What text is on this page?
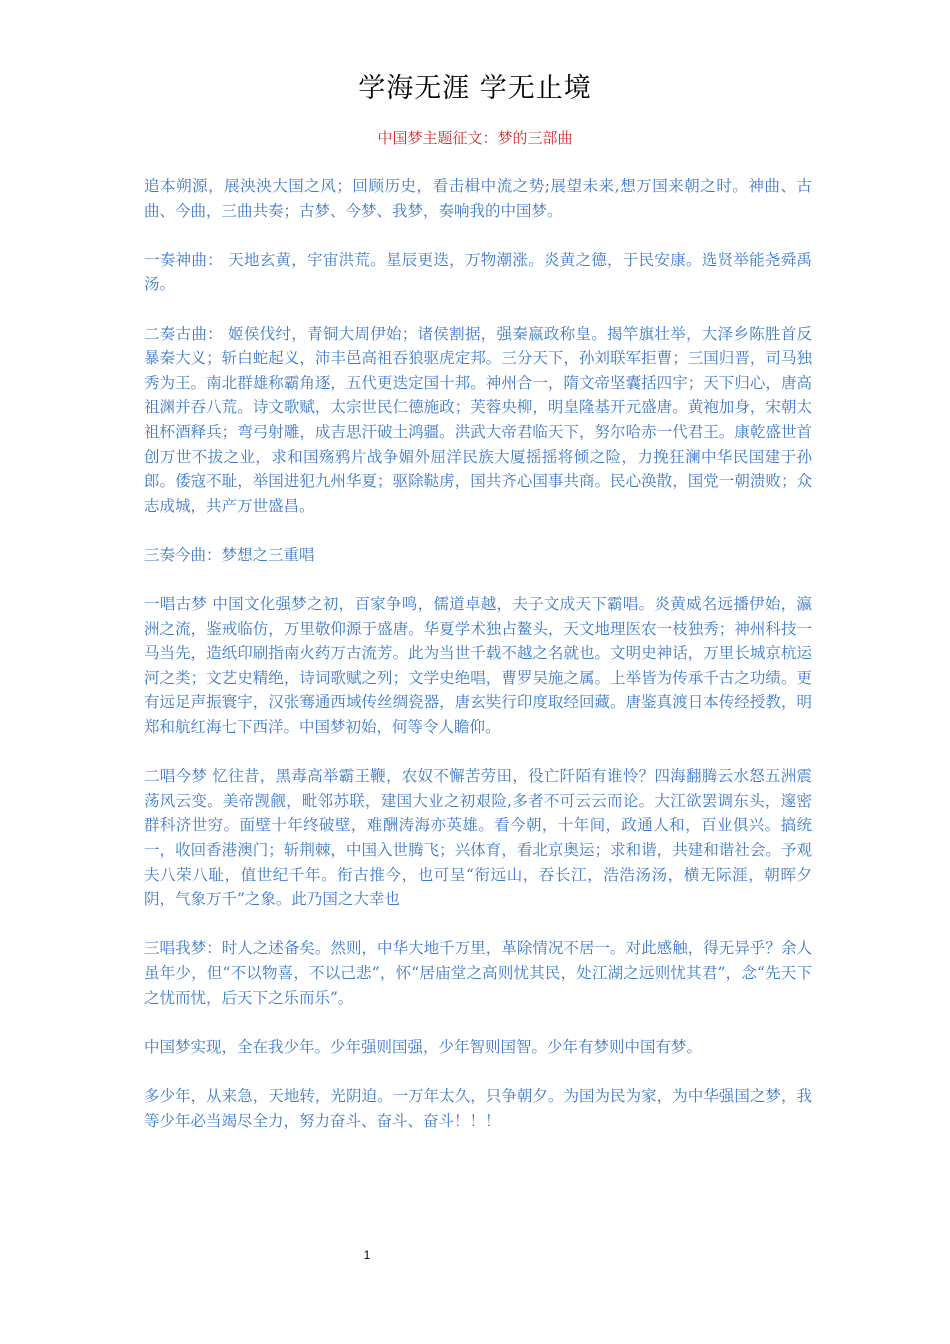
学海无涯 学无止境
中国梦主题征文：梦的三部曲

追本朔源，展泱泱大国之风；回顾历史，看击楫中流之势;展望未来,想万国来朝之时。神曲、古曲、今曲，三曲共奏；古梦、今梦、我梦，奏响我的中国梦。

一奏神曲： 天地玄黄，宇宙洪荒。星辰更迭，万物潮涨。炎黄之德，于民安康。选贤举能尧舜禹汤。

二奏古曲： 姬侯伐纣，青铜大周伊始；诸侯割据，强秦嬴政称皇。揭竿旗壮举，大泽乡陈胜首反暴秦大义；斩白蛇起义，沛丰邑高祖吞狼驱虎定邦。三分天下，孙刘联军拒曹；三国归晋，司马独秀为王。南北群雄称霸角逐，五代更迭定国十邦。神州合一，隋文帝坚囊括四宇；天下归心，唐高祖渊并吞八荒。诗文歌赋，太宗世民仁德施政；芙蓉央柳，明皇隆基开元盛唐。黄袍加身，宋朝太祖杯酒释兵；弯弓射雕，成吉思汗破土鸿疆。洪武大帝君临天下，努尔哈赤一代君王。康乾盛世首创万世不拔之业，求和国殇鸦片战争媚外屈洋民族大厦摇摇将倾之险，力挽狂澜中华民国建于孙郎。倭寇不耻，举国进犯九州华夏；驱除鞑虏，国共齐心国事共商。民心涣散，国党一朝溃败；众志成城，共产万世盛昌。

三奏今曲：梦想之三重唱

一唱古梦 中国文化强梦之初，百家争鸣，儒道卓越，夫子文成天下霸唱。炎黄威名远播伊始，瀛洲之流，鉴戒临仿，万里敬仰源于盛唐。华夏学术独占鳌头，天文地理医农一枝独秀；神州科技一马当先，造纸印刷指南火药万古流芳。此为当世千载不越之名就也。文明史神话，万里长城京杭运河之类；文艺史精绝，诗词歌赋之列；文学史绝唱，曹罗吴施之属。上举皆为传承千古之功绩。更有远足声振寰宇，汉张骞通西域传丝绸瓷器，唐玄奘行印度取经回藏。唐鉴真渡日本传经授教，明郑和航红海七下西洋。中国梦初始，何等令人瞻仰。

二唱今梦 忆往昔，黑毒高举霸王鞭，农奴不懈苦劳田，役亡阡陌有谁怜？四海翻腾云水怒五洲震荡风云变。美帝觊觎，毗邻苏联，建国大业之初艰险,多者不可云云而论。大江欲罢调东头，邃密群科济世穷。面壁十年终破壁，难酬涛海亦英雄。看今朝，十年间，政通人和，百业俱兴。搞统一，收回香港澳门；斩荆棘，中国入世腾飞；兴体育，看北京奥运；求和谐，共建和谐社会。予观夫八荣八耻，值世纪千年。衔古推今，也可呈“衔远山，吞长江，浩浩汤汤，横无际涯，朝晖夕阴，气象万千”之象。此乃国之大幸也

三唱我梦：时人之述备矣。然则，中华大地千万里，革除情况不居一。对此感触，得无异乎？余人虽年少，但“不以物喜，不以己悲”，怀“居庙堂之高则忧其民，处江湖之远则忧其君”，念“先天下之忧而忧，后天下之乐而乐”。

中国梦实现，全在我少年。少年强则国强，少年智则国智。少年有梦则中国有梦。

多少年，从来急，天地转，光阴迫。一万年太久，只争朝夕。为国为民为家，为中华强国之梦，我等少年必当竭尽全力，努力奋斗、奋斗、奋斗！！！

1
